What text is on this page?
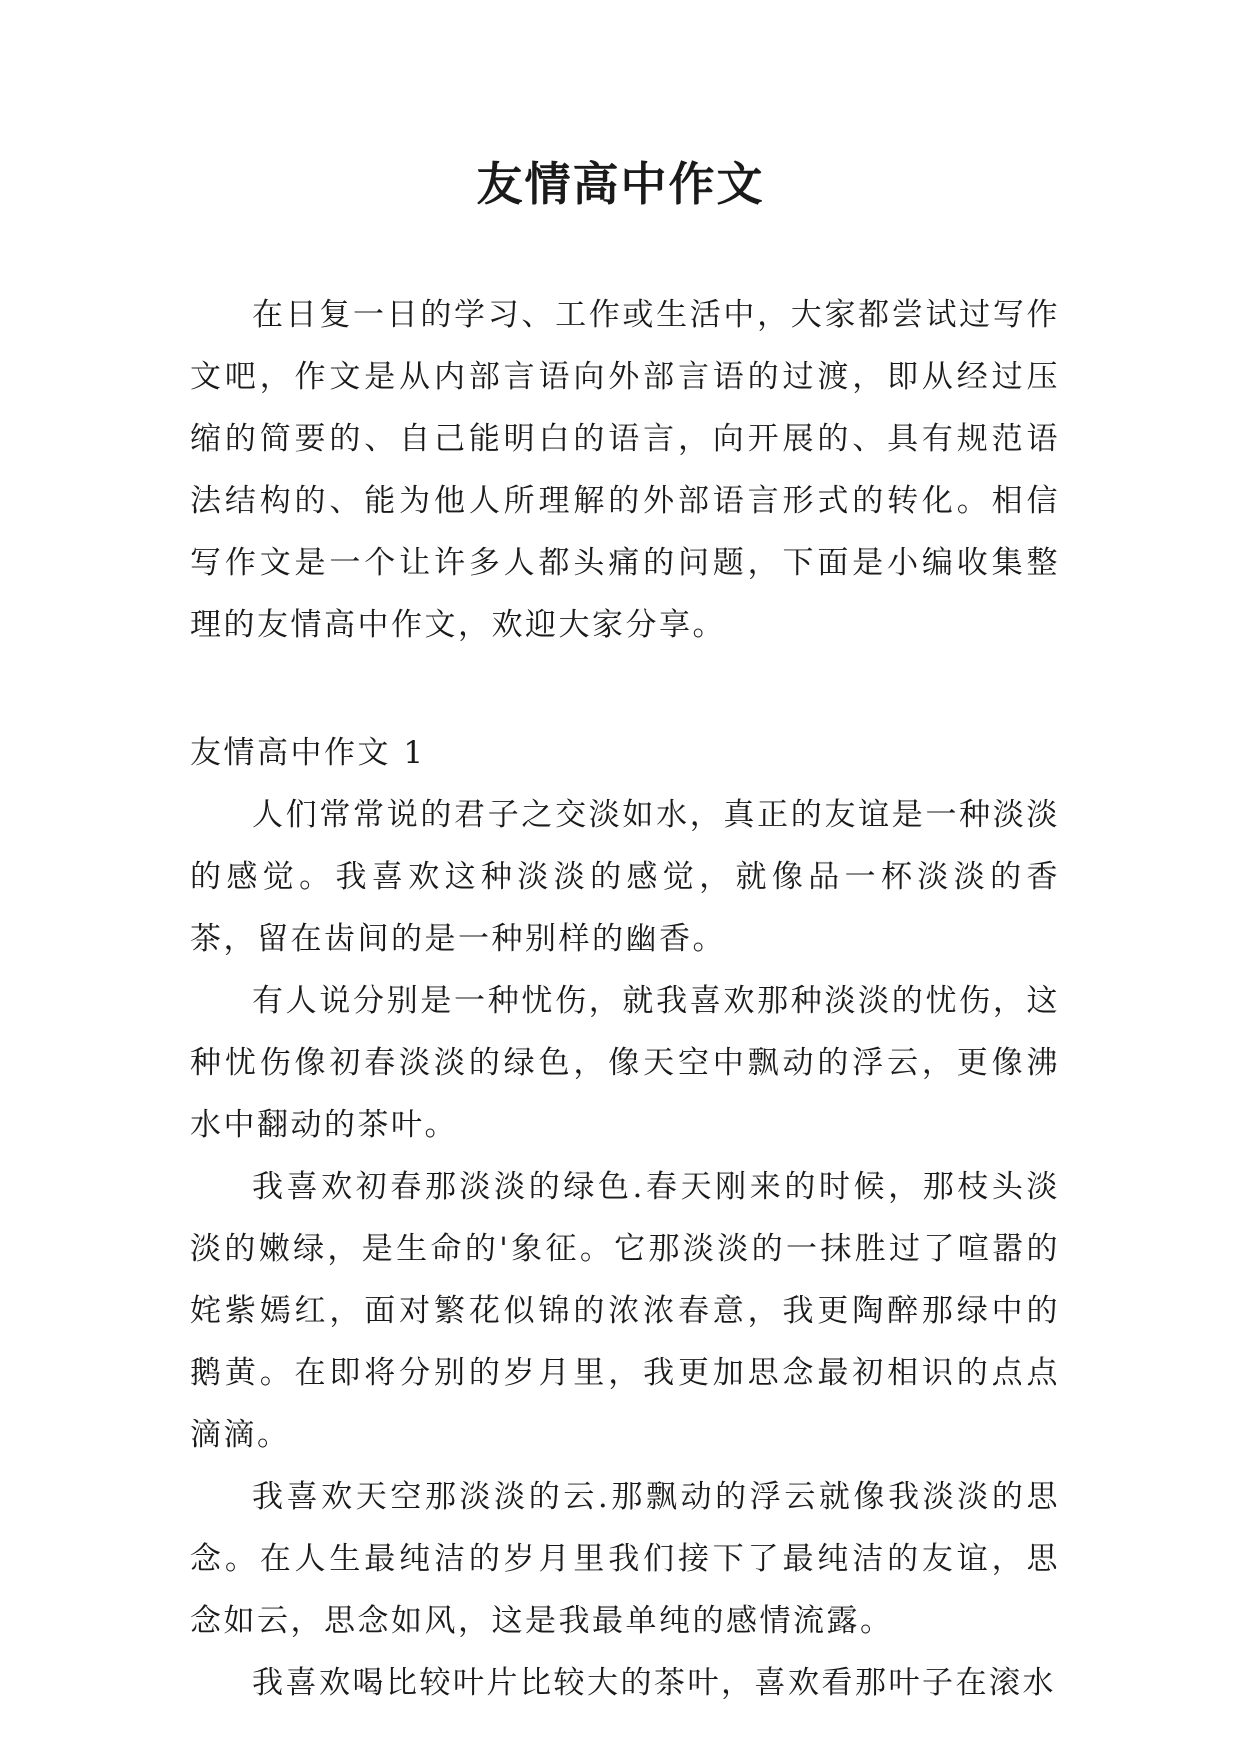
友情高中作文

在日复一日的学习、工作或生活中，大家都尝试过写作文吧，作文是从内部言语向外部言语的过渡，即从经过压缩的简要的、自己能明白的语言，向开展的、具有规范语法结构的、能为他人所理解的外部语言形式的转化。相信写作文是一个让许多人都头痛的问题，下面是小编收集整理的友情高中作文，欢迎大家分享。

友情高中作文 1

人们常常说的君子之交淡如水，真正的友谊是一种淡淡的感觉。我喜欢这种淡淡的感觉，就像品一杯淡淡的香茶，留在齿间的是一种别样的幽香。

有人说分别是一种忧伤，就我喜欢那种淡淡的忧伤，这种忧伤像初春淡淡的绿色，像天空中飘动的浮云，更像沸水中翻动的茶叶。

我喜欢初春那淡淡的绿色.春天刚来的时候，那枝头淡淡的嫩绿，是生命的'象征。它那淡淡的一抹胜过了喧嚣的姹紫嫣红，面对繁花似锦的浓浓春意，我更陶醉那绿中的鹅黄。在即将分别的岁月里，我更加思念最初相识的点点滴滴。

我喜欢天空那淡淡的云.那飘动的浮云就像我淡淡的思念。在人生最纯洁的岁月里我们接下了最纯洁的友谊，思念如云，思念如风，这是我最单纯的感情流露。

我喜欢喝比较叶片比较大的茶叶，喜欢看那叶子在滚水
